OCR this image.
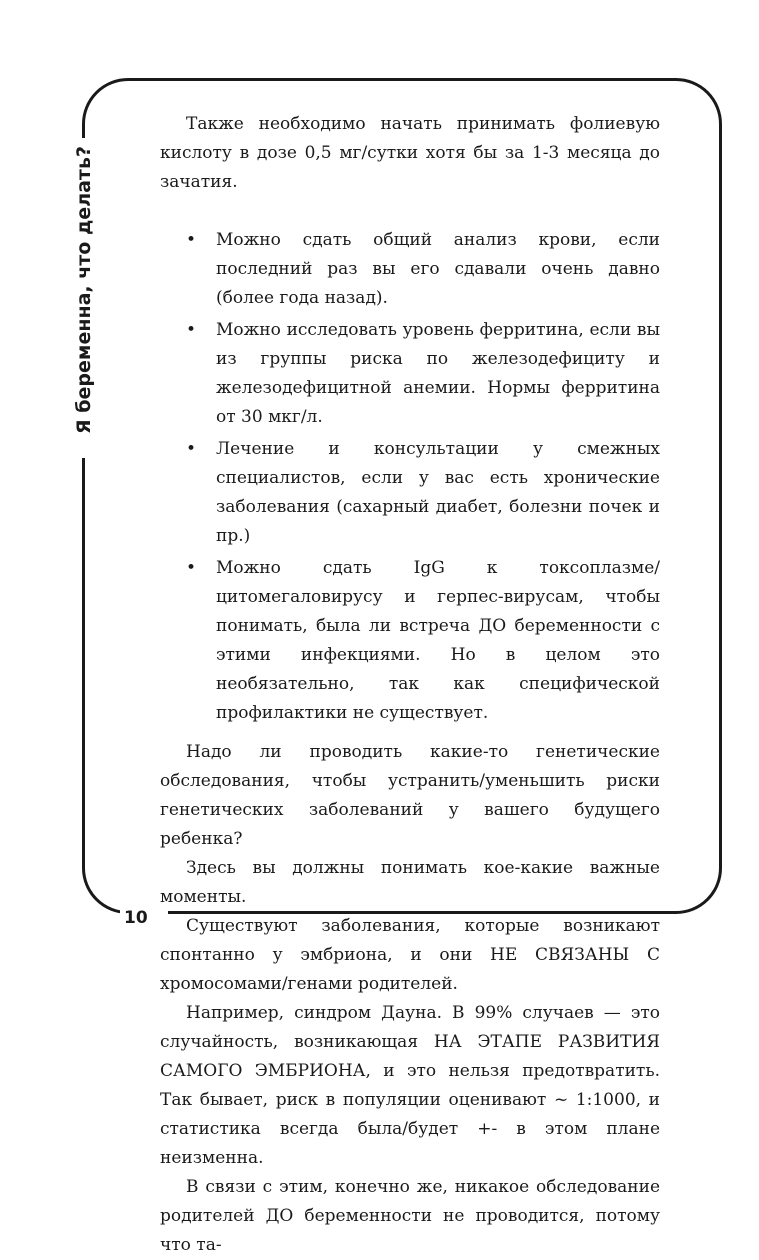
Я беременна, что делать?
10

Также необходимо начать принимать фолиевую кислоту в дозе 0,5 мг/сутки хотя бы за 1-3 месяца до зачатия.

• Можно сдать общий анализ крови, если последний раз вы его сдавали очень давно (более года назад).
• Можно исследовать уровень ферритина, если вы из группы риска по железодефициту и железодефицитной анемии. Нормы ферритина от 30 мкг/л.
• Лечение и консультации у смежных специалистов, если у вас есть хронические заболевания (сахарный диабет, болезни почек и пр.)
• Можно сдать IgG к токсоплазме/цитомегаловирусу и герпес-вирусам, чтобы понимать, была ли встреча ДО беременности с этими инфекциями. Но в целом это необязательно, так как специфической профилактики не существует.

Надо ли проводить какие-то генетические обследования, чтобы устранить/уменьшить риски генетических заболеваний у вашего будущего ребенка?

Здесь вы должны понимать кое-какие важные моменты.

Существуют заболевания, которые возникают спонтанно у эмбриона, и они НЕ СВЯЗАНЫ С хромосомами/генами родителей.

Например, синдром Дауна. В 99% случаев — это случайность, возникающая НА ЭТАПЕ РАЗВИТИЯ САМОГО ЭМБРИОНА, и это нельзя предотвратить. Так бывает, риск в популяции оценивают ~ 1:1000, и статистика всегда была/будет +- в этом плане неизменна.

В связи с этим, конечно же, никакое обследование родителей ДО беременности не проводится, потому что та-
